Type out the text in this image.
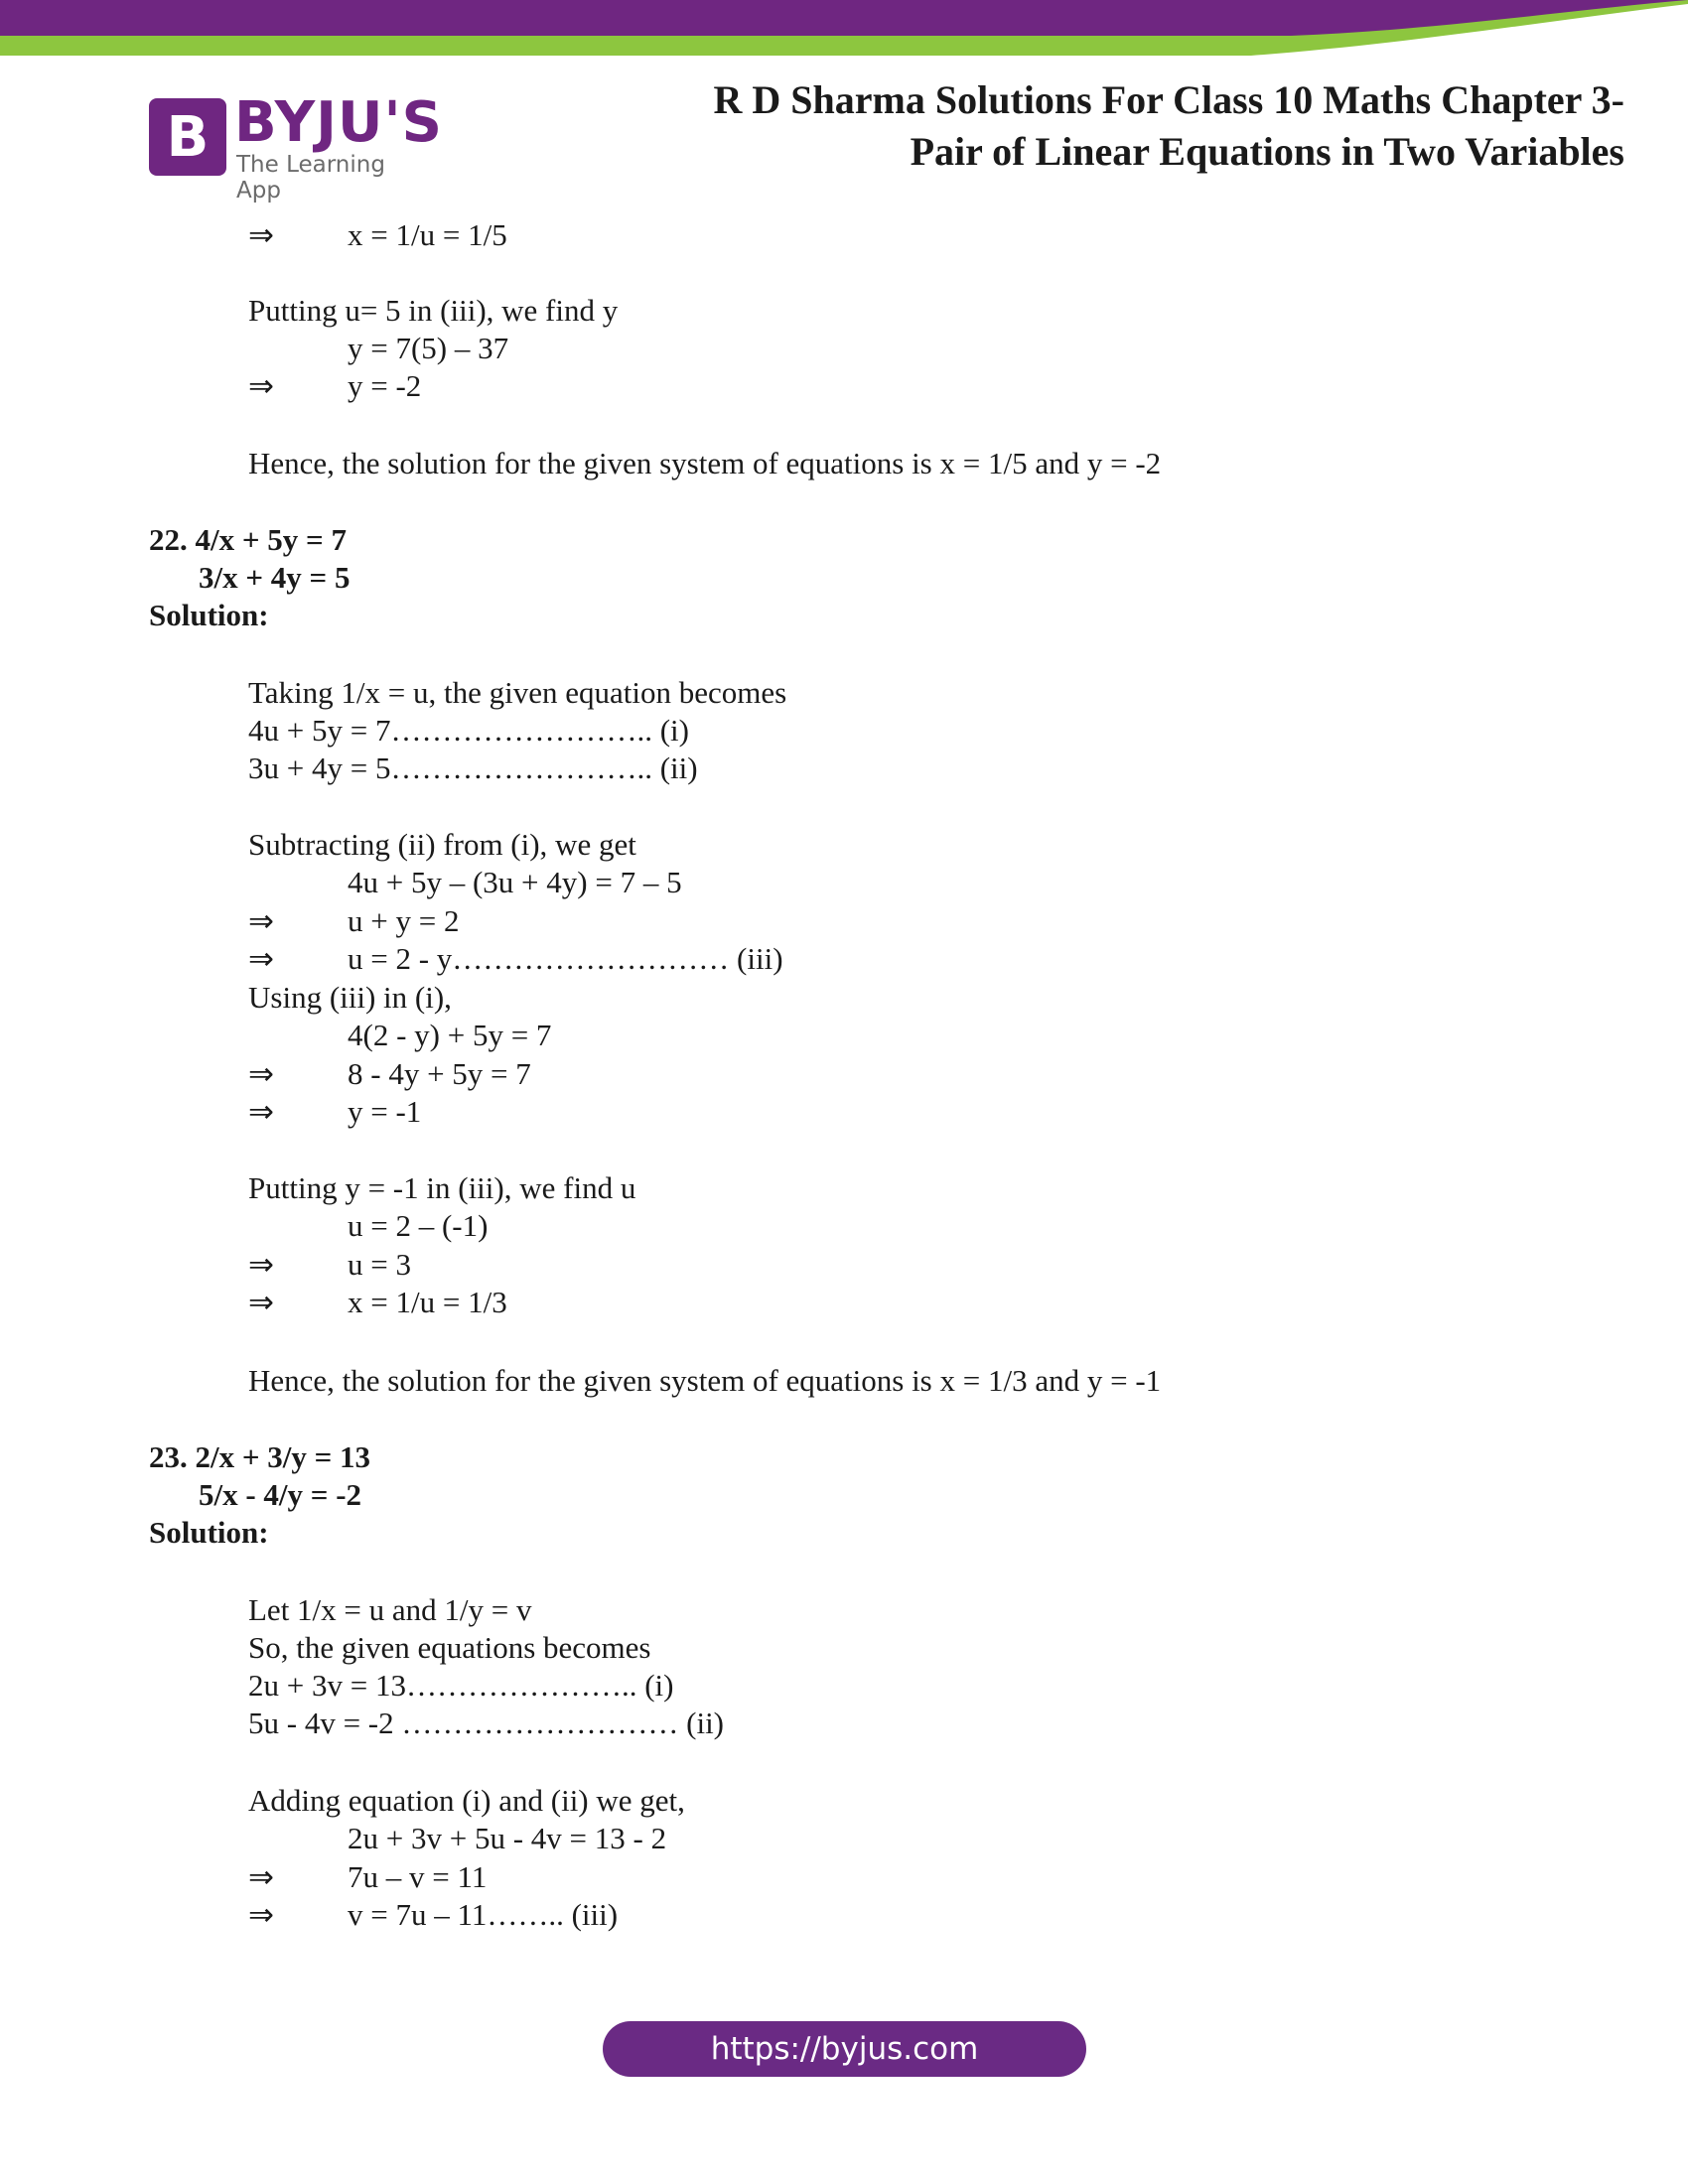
B BYJU'S
The Learning App
R D Sharma Solutions For Class 10 Maths Chapter 3-
Pair of Linear Equations in Two Variables
⇒ x = 1/u = 1/5
Putting u= 5 in (iii), we find y
y = 7(5) – 37
⇒ y = -2
Hence, the solution for the given system of equations is x = 1/5 and y = -2
22. 4/x + 5y = 7
3/x + 4y = 5
Solution:
Taking 1/x = u, the given equation becomes
4u + 5y = 7…………………….. (i)
3u + 4y = 5…………………….. (ii)
Subtracting (ii) from (i), we get
4u + 5y – (3u + 4y) = 7 – 5
⇒ u + y = 2
⇒ u = 2 - y……………………… (iii)
Using (iii) in (i),
4(2 - y) + 5y = 7
⇒ 8 - 4y + 5y = 7
⇒ y = -1
Putting y = -1 in (iii), we find u
u = 2 – (-1)
⇒ u = 3
⇒ x = 1/u = 1/3
Hence, the solution for the given system of equations is x = 1/3 and y = -1
23. 2/x + 3/y = 13
5/x - 4/y = -2
Solution:
Let 1/x = u and 1/y = v
So, the given equations becomes
2u + 3v = 13………………….. (i)
5u - 4v = -2 ……………………… (ii)
Adding equation (i) and (ii) we get,
2u + 3v + 5u - 4v = 13 - 2
⇒ 7u – v = 11
⇒ v = 7u – 11…….. (iii)
https://byjus.com
